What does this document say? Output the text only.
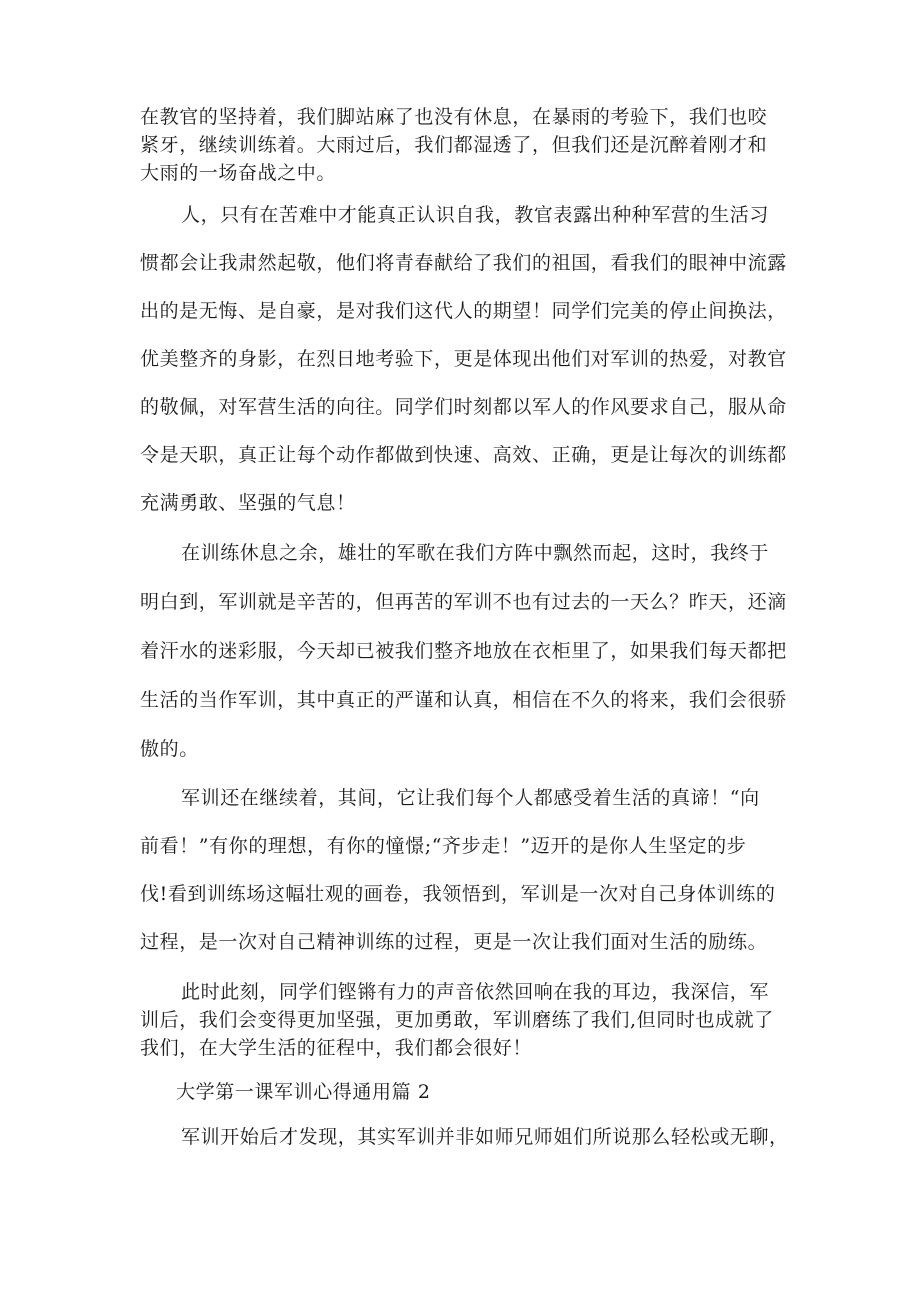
在教官的坚持着，我们脚站麻了也没有休息，在暴雨的考验下，我们也咬
紧牙，继续训练着。大雨过后，我们都湿透了，但我们还是沉醉着刚才和
大雨的一场奋战之中。
人，只有在苦难中才能真正认识自我，教官表露出种种军营的生活习
惯都会让我肃然起敬，他们将青春献给了我们的祖国，看我们的眼神中流露
出的是无悔、是自豪，是对我们这代人的期望！同学们完美的停止间换法，
优美整齐的身影，在烈日地考验下，更是体现出他们对军训的热爱，对教官
的敬佩，对军营生活的向往。同学们时刻都以军人的作风要求自己，服从命
令是天职，真正让每个动作都做到快速、高效、正确，更是让每次的训练都
充满勇敢、坚强的气息！
在训练休息之余，雄壮的军歌在我们方阵中飘然而起，这时，我终于
明白到，军训就是辛苦的，但再苦的军训不也有过去的一天么？昨天，还滴
着汗水的迷彩服，今天却已被我们整齐地放在衣柜里了，如果我们每天都把
生活的当作军训，其中真正的严谨和认真，相信在不久的将来，我们会很骄
傲的。
军训还在继续着，其间，它让我们每个人都感受着生活的真谛！“向
前看！”有你的理想，有你的憧憬;“齐步走！”迈开的是你人生坚定的步
伐!看到训练场这幅壮观的画卷，我领悟到，军训是一次对自己身体训练的
过程，是一次对自己精神训练的过程，更是一次让我们面对生活的励练。
此时此刻，同学们铿锵有力的声音依然回响在我的耳边，我深信，军
训后，我们会变得更加坚强，更加勇敢，军训磨练了我们,但同时也成就了
我们，在大学生活的征程中，我们都会很好！
大学第一课军训心得通用篇 2
军训开始后才发现，其实军训并非如师兄师姐们所说那么轻松或无聊，
